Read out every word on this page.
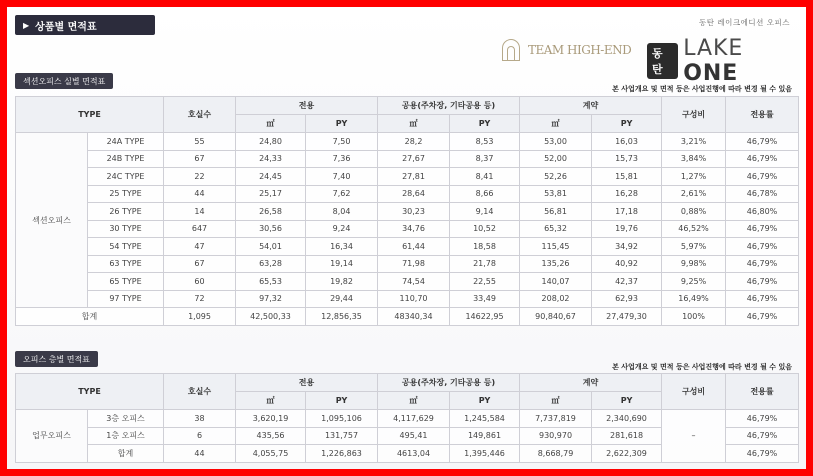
▶ 상품별 면적표	동탄 레이크에디션 오피스
TEAM HIGH-END	동탄
LAKE ONE
섹션오피스 실별 면적표
본 사업개요 및 면적 등은 사업진행에 따라 변경 될 수 있음
TYPE		호실수	전용		공용(주차장, 기타공용 등)		계약		구성비	전용률
			㎡	PY	㎡	PY	㎡	PY		
섹션오피스	24A TYPE	55	24,80	7,50	28,2	8,53	53,00	16,03	3,21%	46,79%
	24B TYPE	67	24,33	7,36	27,67	8,37	52,00	15,73	3,84%	46,79%
	24C TYPE	22	24,45	7,40	27,81	8,41	52,26	15,81	1,27%	46,79%
	25 TYPE	44	25,17	7,62	28,64	8,66	53,81	16,28	2,61%	46,78%
	26 TYPE	14	26,58	8,04	30,23	9,14	56,81	17,18	0,88%	46,80%
	30 TYPE	647	30,56	9,24	34,76	10,52	65,32	19,76	46,52%	46,79%
	54 TYPE	47	54,01	16,34	61,44	18,58	115,45	34,92	5,97%	46,79%
	63 TYPE	67	63,28	19,14	71,98	21,78	135,26	40,92	9,98%	46,79%
	65 TYPE	60	65,53	19,82	74,54	22,55	140,07	42,37	9,25%	46,79%
	97 TYPE	72	97,32	29,44	110,70	33,49	208,02	62,93	16,49%	46,79%
합계		1,095	42,500,33	12,856,35	48340,34	14622,95	90,840,67	27,479,30	100%	46,79%
오피스 층별 면적표
본 사업개요 및 면적 등은 사업진행에 따라 변경 될 수 있음
TYPE		호실수	전용		공용(주차장, 기타공용 등)		계약		구성비	전용률
			㎡	PY	㎡	PY	㎡	PY		
업무오피스	3층 오피스	38	3,620,19	1,095,106	4,117,629	1,245,584	7,737,819	2,340,690	–	46,79%
	1층 오피스	6	435,56	131,757	495,41	149,861	930,970	281,618		46,79%
	합계	44	4,055,75	1,226,863	4613,04	1,395,446	8,668,79	2,622,309		46,79%
